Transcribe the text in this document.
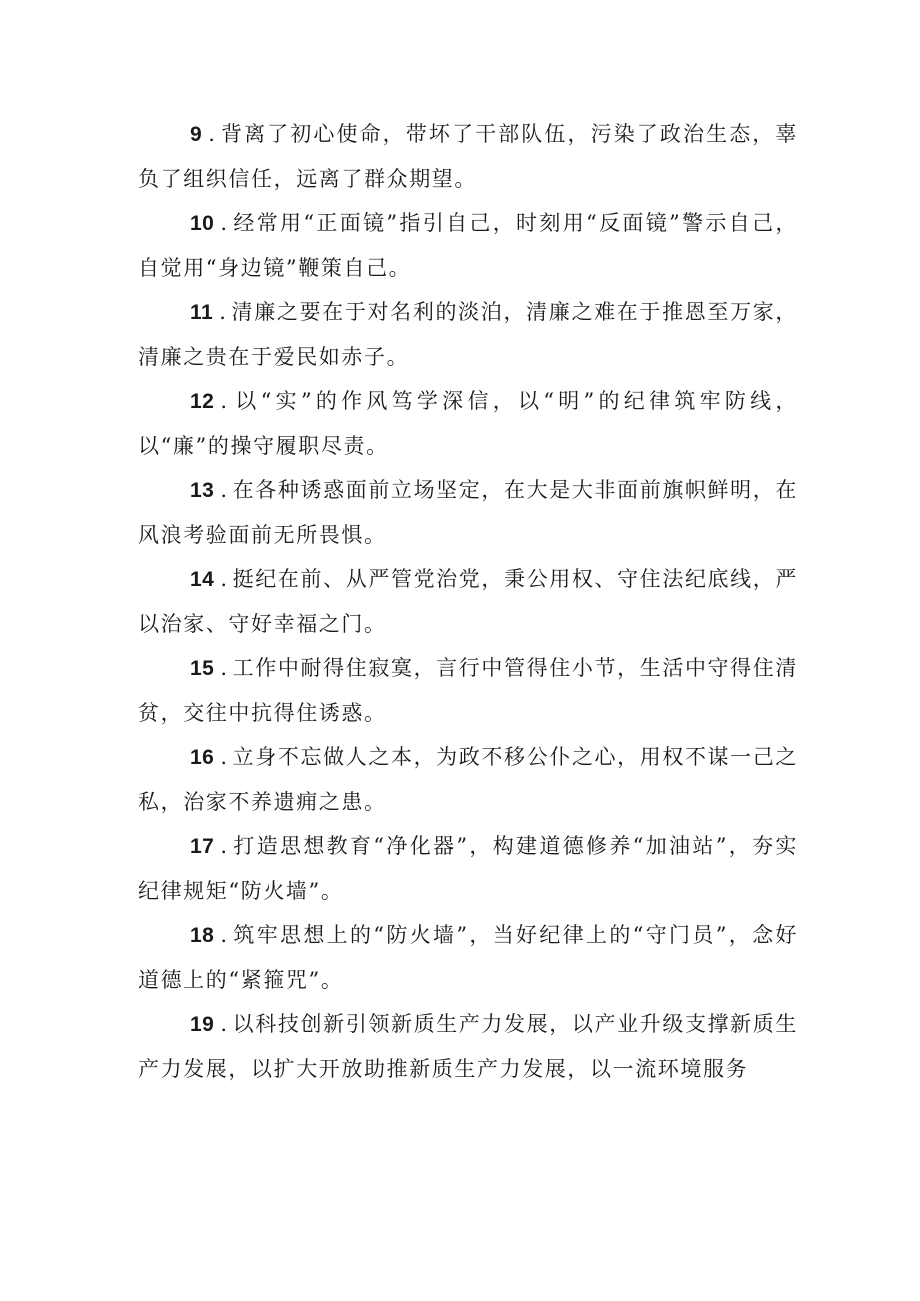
9 . 背离了初心使命，带坏了干部队伍，污染了政治生态，辜负了组织信任，远离了群众期望。

10 . 经常用“正面镜”指引自己，时刻用“反面镜”警示自己，自觉用“身边镜”鞭策自己。

11 . 清廉之要在于对名利的淡泊，清廉之难在于推恩至万家，清廉之贵在于爱民如赤子。

12 . 以“实”的作风笃学深信，以“明”的纪律筑牢防线，以“廉”的操守履职尽责。

13 . 在各种诱惑面前立场坚定，在大是大非面前旗帜鲜明，在风浪考验面前无所畏惧。

14 . 挺纪在前、从严管党治党，秉公用权、守住法纪底线，严以治家、守好幸福之门。

15 . 工作中耐得住寂寞，言行中管得住小节，生活中守得住清贫，交往中抗得住诱惑。

16 . 立身不忘做人之本，为政不移公仆之心，用权不谋一己之私，治家不养遗痈之患。

17 . 打造思想教育“净化器”，构建道德修养“加油站”，夯实纪律规矩“防火墙”。

18 . 筑牢思想上的“防火墙”，当好纪律上的“守门员”，念好道德上的“紧箍咒”。

19 . 以科技创新引领新质生产力发展，以产业升级支撑新质生产力发展，以扩大开放助推新质生产力发展，以一流环境服务
